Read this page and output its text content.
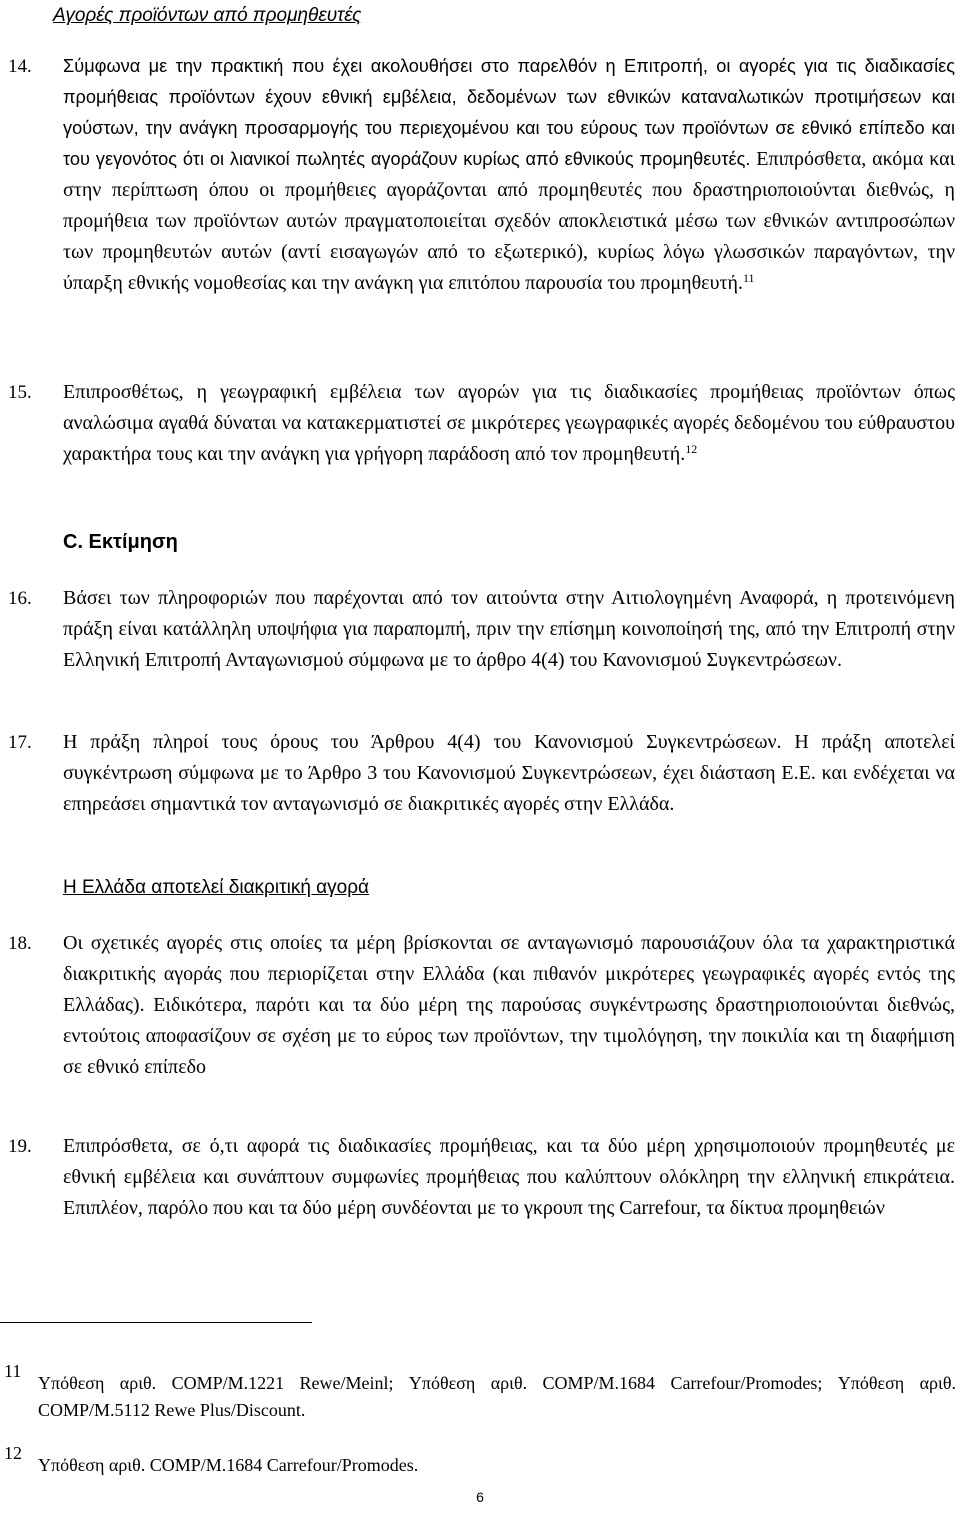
Αγορές προϊόντων από προμηθευτές
14. Σύμφωνα με την πρακτική που έχει ακολουθήσει στο παρελθόν η Επιτροπή, οι αγορές για τις διαδικασίες προμήθειας προϊόντων έχουν εθνική εμβέλεια, δεδομένων των εθνικών καταναλωτικών προτιμήσεων και γούστων, την ανάγκη προσαρμογής του περιεχομένου και του εύρους των προϊόντων σε εθνικό επίπεδο και του γεγονότος ότι οι λιανικοί πωλητές αγοράζουν κυρίως από εθνικούς προμηθευτές. Επιπρόσθετα, ακόμα και στην περίπτωση όπου οι προμήθειες αγοράζονται από προμηθευτές που δραστηριοποιούνται διεθνώς, η προμήθεια των προϊόντων αυτών πραγματοποιείται σχεδόν αποκλειστικά μέσω των εθνικών αντιπροσώπων των προμηθευτών αυτών (αντί εισαγωγών από το εξωτερικό), κυρίως λόγω γλωσσικών παραγόντων, την ύπαρξη εθνικής νομοθεσίας και την ανάγκη για επιτόπου παρουσία του προμηθευτή.$^{11}$
15. Επιπροσθέτως, η γεωγραφική εμβέλεια των αγορών για τις διαδικασίες προμήθειας προϊόντων όπως αναλώσιμα αγαθά δύναται να κατακερματιστεί σε μικρότερες γεωγραφικές αγορές δεδομένου του εύθραυστου χαρακτήρα τους και την ανάγκη για γρήγορη παράδοση από τον προμηθευτή.$^{12}$
C. Εκτίμηση
16. Βάσει των πληροφοριών που παρέχονται από τον αιτούντα στην Αιτιολογημένη Αναφορά, η προτεινόμενη πράξη είναι κατάλληλη υποψήφια για παραπομπή, πριν την επίσημη κοινοποίησή της, από την Επιτροπή στην Ελληνική Επιτροπή Ανταγωνισμού σύμφωνα με το άρθρο 4(4) του Κανονισμού Συγκεντρώσεων.
17. Η πράξη πληροί τους όρους του Άρθρου 4(4) του Κανονισμού Συγκεντρώσεων. Η πράξη αποτελεί συγκέντρωση σύμφωνα με το Άρθρο 3 του Κανονισμού Συγκεντρώσεων, έχει διάσταση Ε.Ε. και ενδέχεται να επηρεάσει σημαντικά τον ανταγωνισμό σε διακριτικές αγορές στην Ελλάδα.
Η Ελλάδα αποτελεί διακριτική αγορά
18. Οι σχετικές αγορές στις οποίες τα μέρη βρίσκονται σε ανταγωνισμό παρουσιάζουν όλα τα χαρακτηριστικά διακριτικής αγοράς που περιορίζεται στην Ελλάδα (και πιθανόν μικρότερες γεωγραφικές αγορές εντός της Ελλάδας). Ειδικότερα, παρότι και τα δύο μέρη της παρούσας συγκέντρωσης δραστηριοποιούνται διεθνώς, εντούτοις αποφασίζουν σε σχέση με το εύρος των προϊόντων, την τιμολόγηση, την ποικιλία και τη διαφήμιση σε εθνικό επίπεδο
19. Επιπρόσθετα, σε ό,τι αφορά τις διαδικασίες προμήθειας, και τα δύο μέρη χρησιμοποιούν προμηθευτές με εθνική εμβέλεια και συνάπτουν συμφωνίες προμήθειας που καλύπτουν ολόκληρη την ελληνική επικράτεια. Επιπλέον, παρόλο που και τα δύο μέρη συνδέονται με το γκρουπ της Carrefour, τα δίκτυα προμηθειών
11
Υπόθεση αριθ. COMP/M.1221 Rewe/Meinl; Υπόθεση αριθ. COMP/M.1684 Carrefour/Promodes; Υπόθεση αριθ. COMP/M.5112 Rewe Plus/Discount.
12
Υπόθεση αριθ. COMP/M.1684 Carrefour/Promodes.
6
